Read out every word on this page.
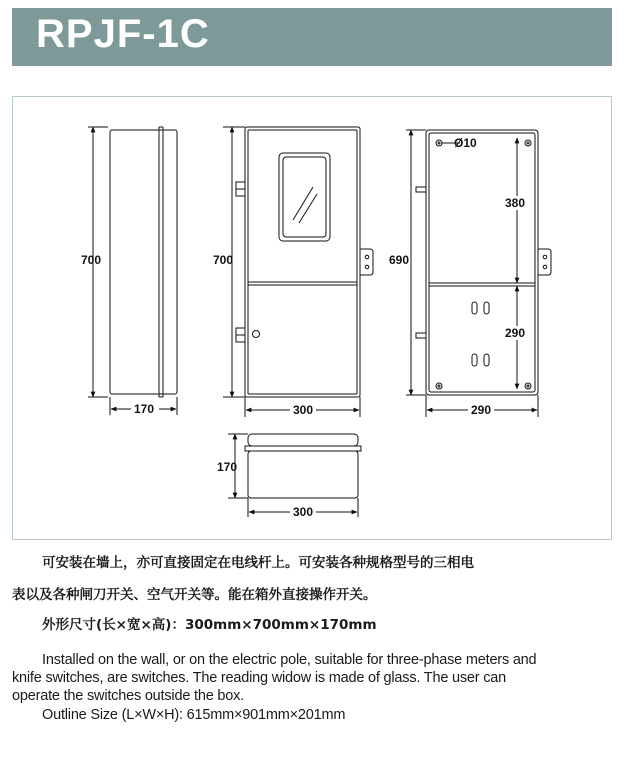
RPJF-1C
700
170
700
300
690
290
380
290
Ø10
170
300

可安装在墙上，亦可直接固定在电线杆上。可安装各种规格型号的三相电

表以及各种闸刀开关、空气开关等。能在箱外直接操作开关。

外形尺寸(长×宽×高)：300mm×700mm×170mm

Installed on the wall, or on the electric pole, suitable for three-phase meters and

knife switches, are switches. The reading widow is made of glass. The user can

operate the switches outside the box.

Outline Size (L×W×H): 615mm×901mm×201mm
